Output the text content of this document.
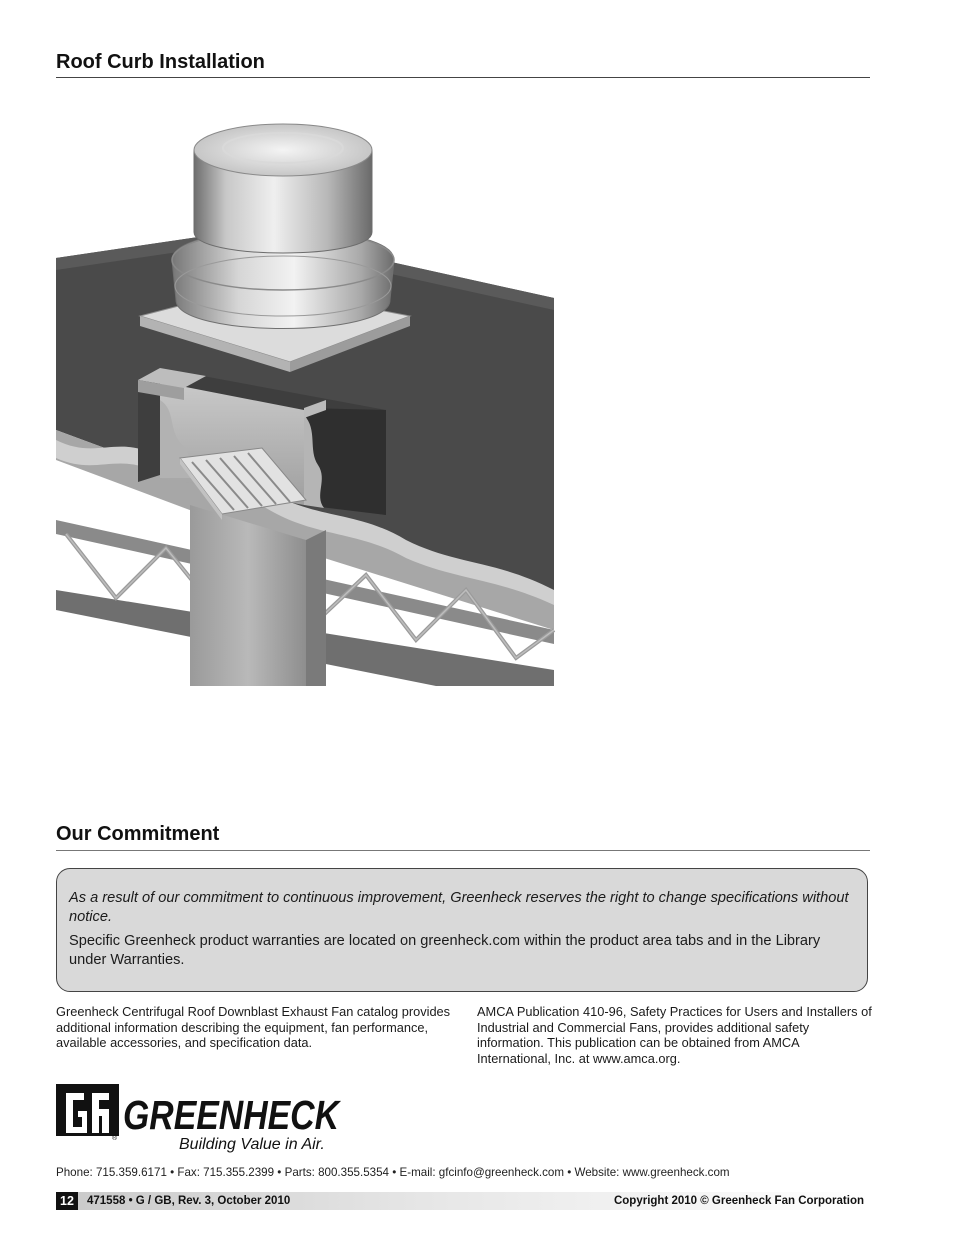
Roof Curb Installation
Our Commitment

As a result of our commitment to continuous improvement, Greenheck reserves the right to change specifications without notice.

Specific Greenheck product warranties are located on greenheck.com within the product area tabs and in the Library under Warranties.

Greenheck Centrifugal Roof Downblast Exhaust Fan catalog provides additional information describing the equipment, fan performance, available accessories, and specification data.
AMCA Publication 410-96, Safety Practices for Users and Installers of Industrial and Commercial Fans, provides additional safety information. This publication can be obtained from AMCA International, Inc. at www.amca.org.
®
GREENHECK
Building Value in Air.
Phone: 715.359.6171 • Fax: 715.355.2399 • Parts: 800.355.5354 • E-mail: gfcinfo@greenheck.com • Website: www.greenheck.com
12	471558 • G / GB, Rev. 3, October 2010	Copyright 2010 © Greenheck Fan Corporation
